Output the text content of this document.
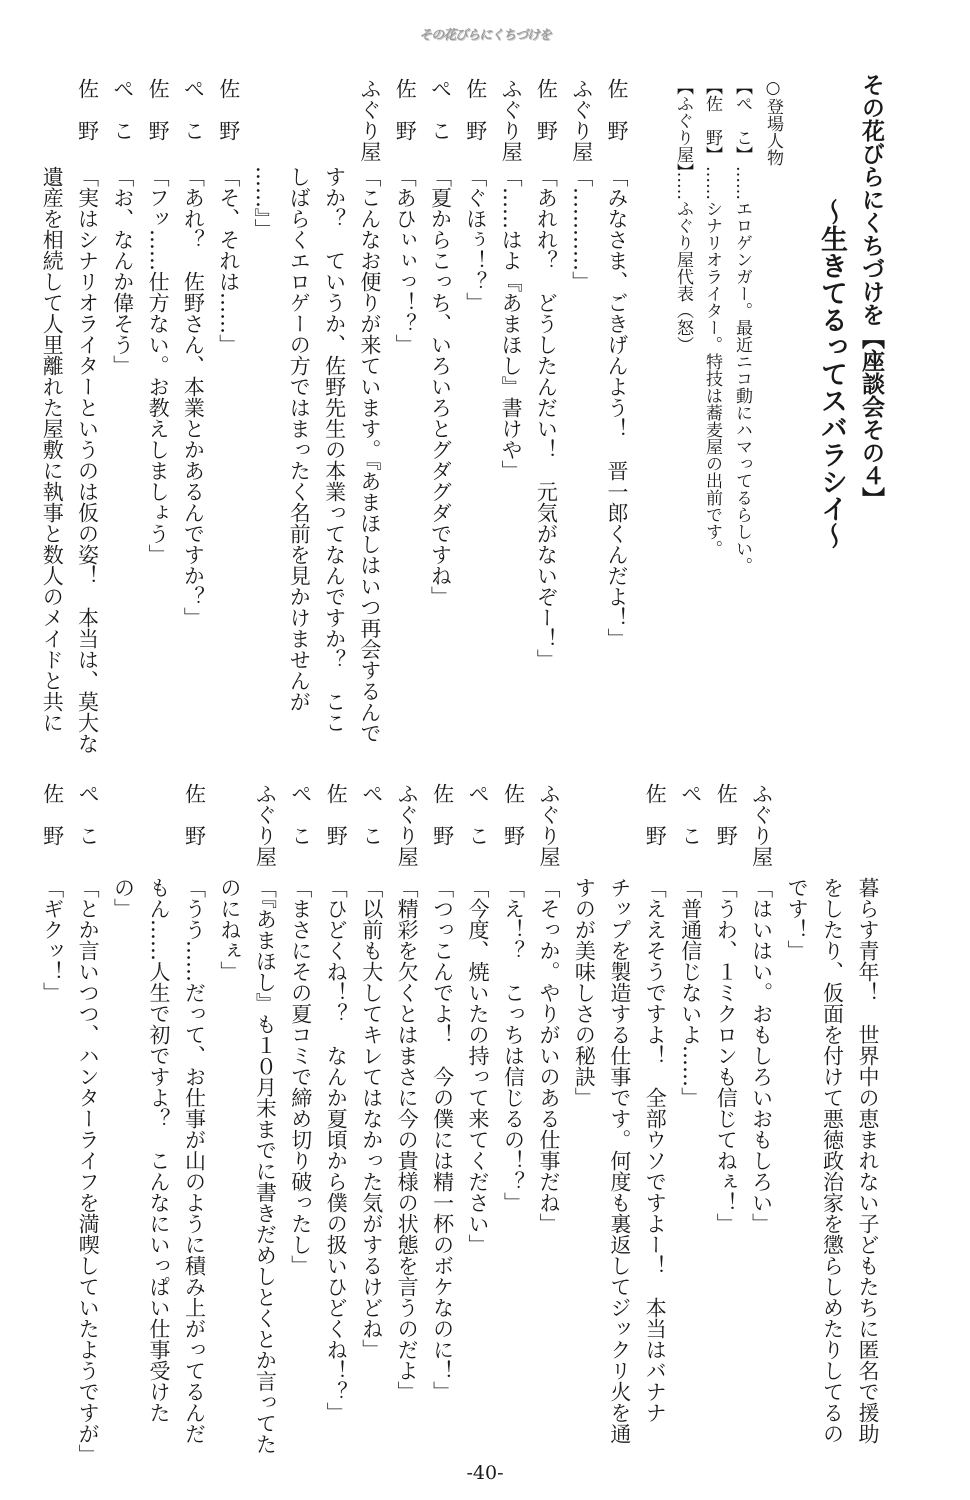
その花びらにくちづけを
その花びらにくちづけを【座談会その４】
～生きてるってスバラシイ～
○登場人物
【ぺ　こ】……エロゲンガー。最近ニコ動にハマってるらしい。
【佐　野】……シナリオライター。特技は蕎麦屋の出前です。
【ふぐり屋】……ふぐり屋代表（怒）
佐　野
「みなさま、ごきげんよう！　晋一郎くんだよ！」
ふぐり屋
「…………」
佐　野
「あれれ？　どうしたんだい！　元気がないぞー！」
ふぐり屋
「……はよ『あまほし』書けや」
佐　野
「ぐほぅ！？」
ぺ　こ
「夏からこっち、いろいろとグダグダですね」
佐　野
「あひぃぃっ！？」
ふぐり屋
「こんなお便りが来ています。『あまほしはいつ再会するんで
すか？　ていうか、佐野先生の本業ってなんですか？　ここ
しばらくエロゲーの方ではまったく名前を見かけませんが
……』」
佐　野
「そ、それは……」
ぺ　こ
「あれ？　佐野さん、本業とかあるんですか？」
佐　野
「フッ……仕方ない。お教えしましょう」
ぺ　こ
「お、なんか偉そう」
佐　野
「実はシナリオライターというのは仮の姿！　本当は、莫大な
遺産を相続して人里離れた屋敷に執事と数人のメイドと共に
暮らす青年！　世界中の恵まれない子どもたちに匿名で援助
をしたり、仮面を付けて悪徳政治家を懲らしめたりしてるの
です！」
ふぐり屋
「はいはい。おもしろいおもしろい」
佐　野
「うわ、１ミクロンも信じてねぇ！」
ぺ　こ
「普通信じないよ……」
佐　野
「ええそうですよ！　全部ウソですよー！　本当はバナナ
チップを製造する仕事です。何度も裏返してジックリ火を通
すのが美味しさの秘訣」
ふぐり屋
「そっか。やりがいのある仕事だね」
佐　野
「え！？　こっちは信じるの！？」
ぺ　こ
「今度、焼いたの持って来てください」
佐　野
「つっこんでよ！　今の僕には精一杯のボケなのに！」
ふぐり屋
「精彩を欠くとはまさに今の貴様の状態を言うのだよ」
ぺ　こ
「以前も大してキレてはなかった気がするけどね」
佐　野
「ひどくね！？　なんか夏頃から僕の扱いひどくね！？」
ぺ　こ
「まさにその夏コミで締め切り破ったし」
ふぐり屋
「『あまほし』も１０月末までに書きだめしとくとか言ってた
のにねぇ」
佐　野
「うう……だって、お仕事が山のように積み上がってるんだ
もん……人生で初ですよ？　こんなにいっぱい仕事受けた
の」
ぺ　こ
「とか言いつつ、ハンターライフを満喫していたようですが」
佐　野
「ギクッ！」
-40-
